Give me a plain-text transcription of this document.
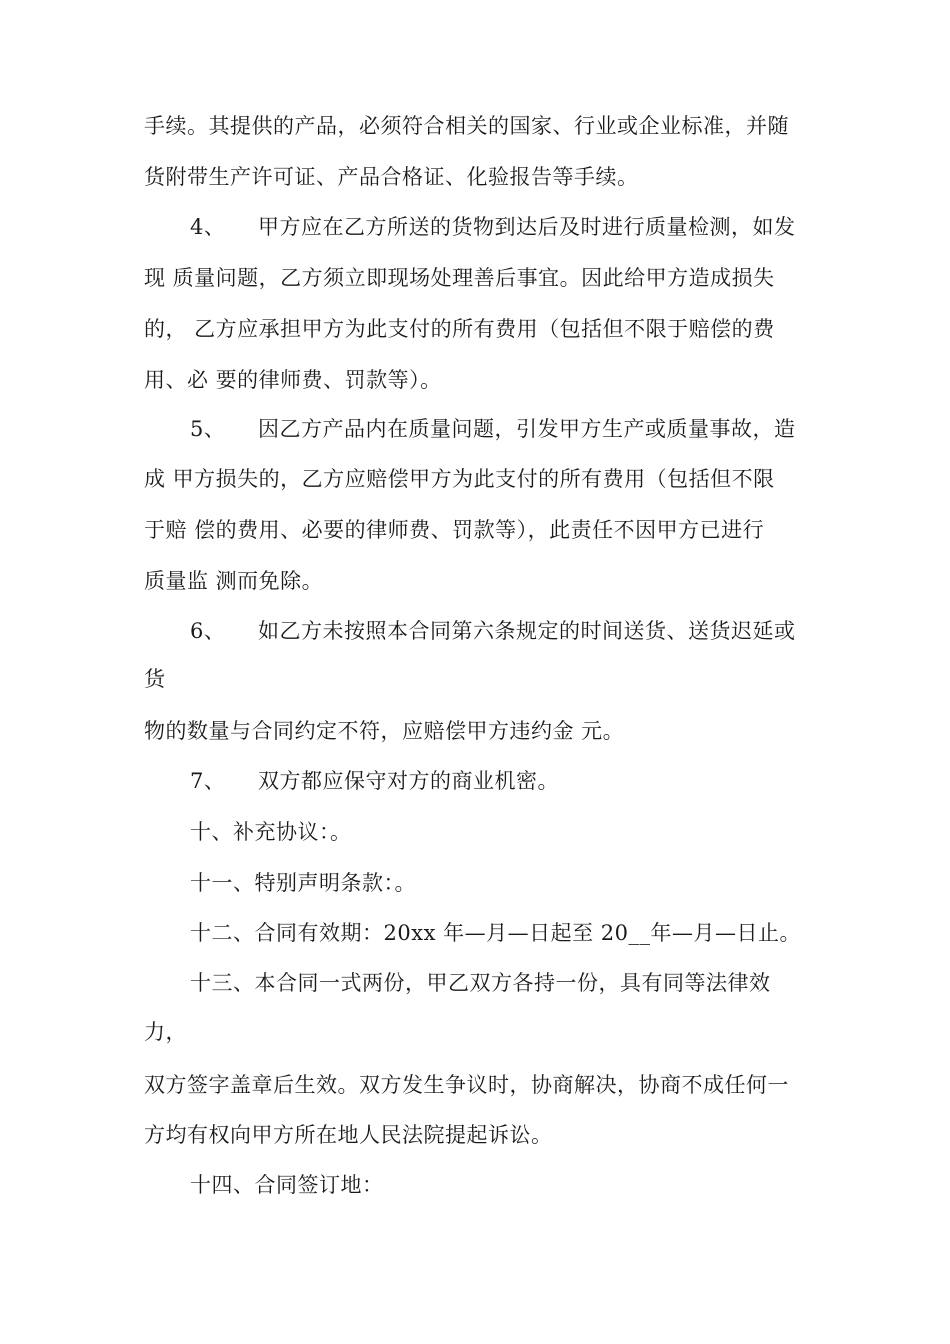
手续。其提供的产品，必须符合相关的国家、行业或企业标准，并随
货附带生产许可证、产品合格证、化验报告等手续。
4、 甲方应在乙方所送的货物到达后及时进行质量检测，如发
现 质量问题，乙方须立即现场处理善后事宜。因此给甲方造成损失
的， 乙方应承担甲方为此支付的所有费用（包括但不限于赔偿的费
用、必 要的律师费、罚款等）。
5、 因乙方产品内在质量问题，引发甲方生产或质量事故，造
成 甲方损失的，乙方应赔偿甲方为此支付的所有费用（包括但不限
于赔 偿的费用、必要的律师费、罚款等），此责任不因甲方已进行
质量监 测而免除。
6、 如乙方未按照本合同第六条规定的时间送货、送货迟延或
货
物的数量与合同约定不符，应赔偿甲方违约金 元。
7、 双方都应保守对方的商业机密。
十、补充协议：。
十一、特别声明条款：。
十二、合同有效期：20xx 年—月—日起至 20__年—月—日止。
十三、本合同一式两份，甲乙双方各持一份，具有同等法律效
力，
双方签字盖章后生效。双方发生争议时，协商解决，协商不成任何一
方均有权向甲方所在地人民法院提起诉讼。
十四、合同签订地：
